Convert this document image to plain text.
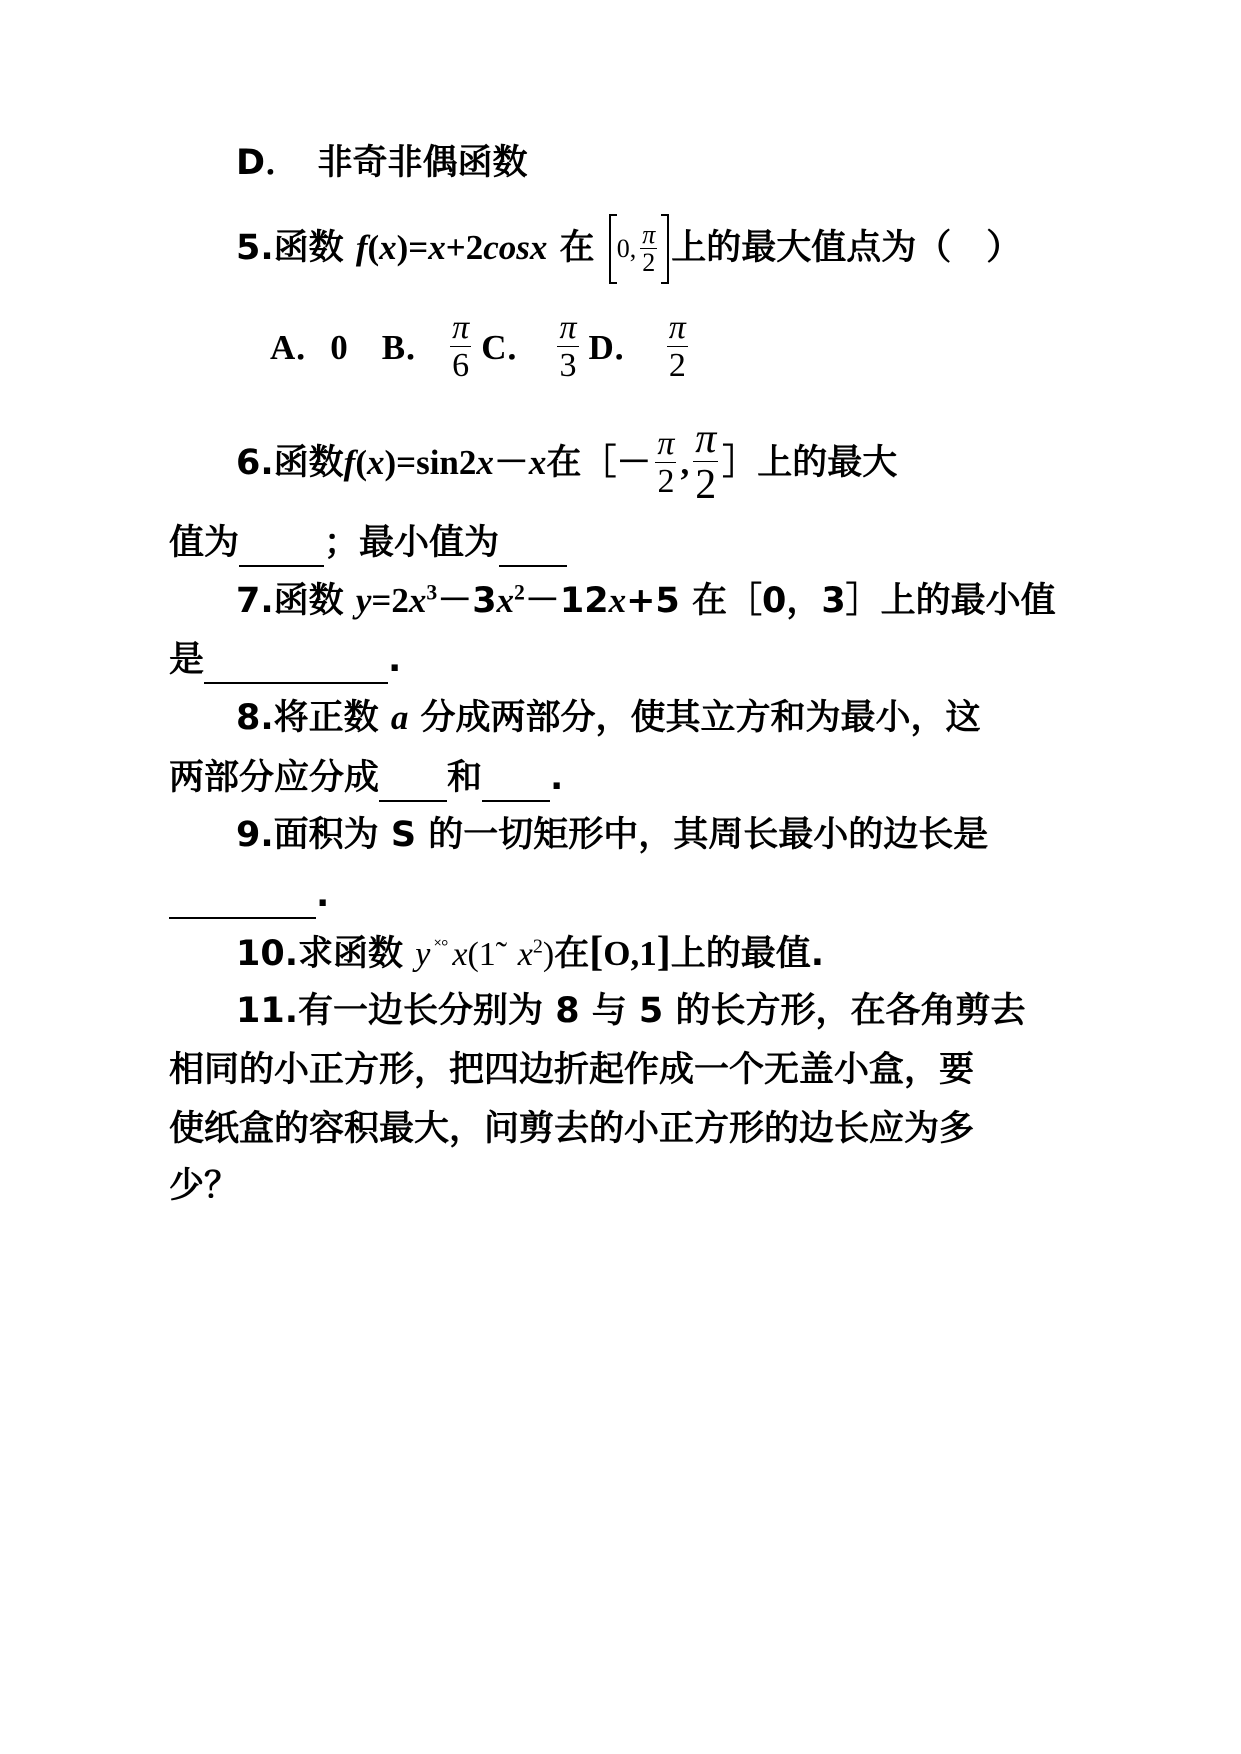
D．　非奇非偶函数
5.函数 f(x)=x+2cosx 在 0, $\frac{\pi}{2}$ 上的最大值点为（　）
A．0 B． $\frac{\pi}{6}$ C． $\frac{\pi}{3}$ D． $\frac{\pi}{2}$
6.函数 f ( x )=sin2 x － x 在［－ $\frac{\pi}{2}$ , $\frac{\pi}{2}$ ］上的最大
值为 ；最小值为
7.函数 $y=2x^3-3x^2-12x+5$ 在［0，3］上的最小值
是	.
8.将正数 a 分成两部分，使其立方和为最小，这
两部分应分成 和 .
9.面积为 S 的一切矩形中，其周长最小的边长是
.
10.求函数 y ˟° x(1̃ $x^2$)在[O,1]上的最值.
11.有一边长分别为 8 与 5 的长方形，在各角剪去
相同的小正方形，把四边折起作成一个无盖小盒，要
使纸盒的容积最大，问剪去的小正方形的边长应为多
少？
